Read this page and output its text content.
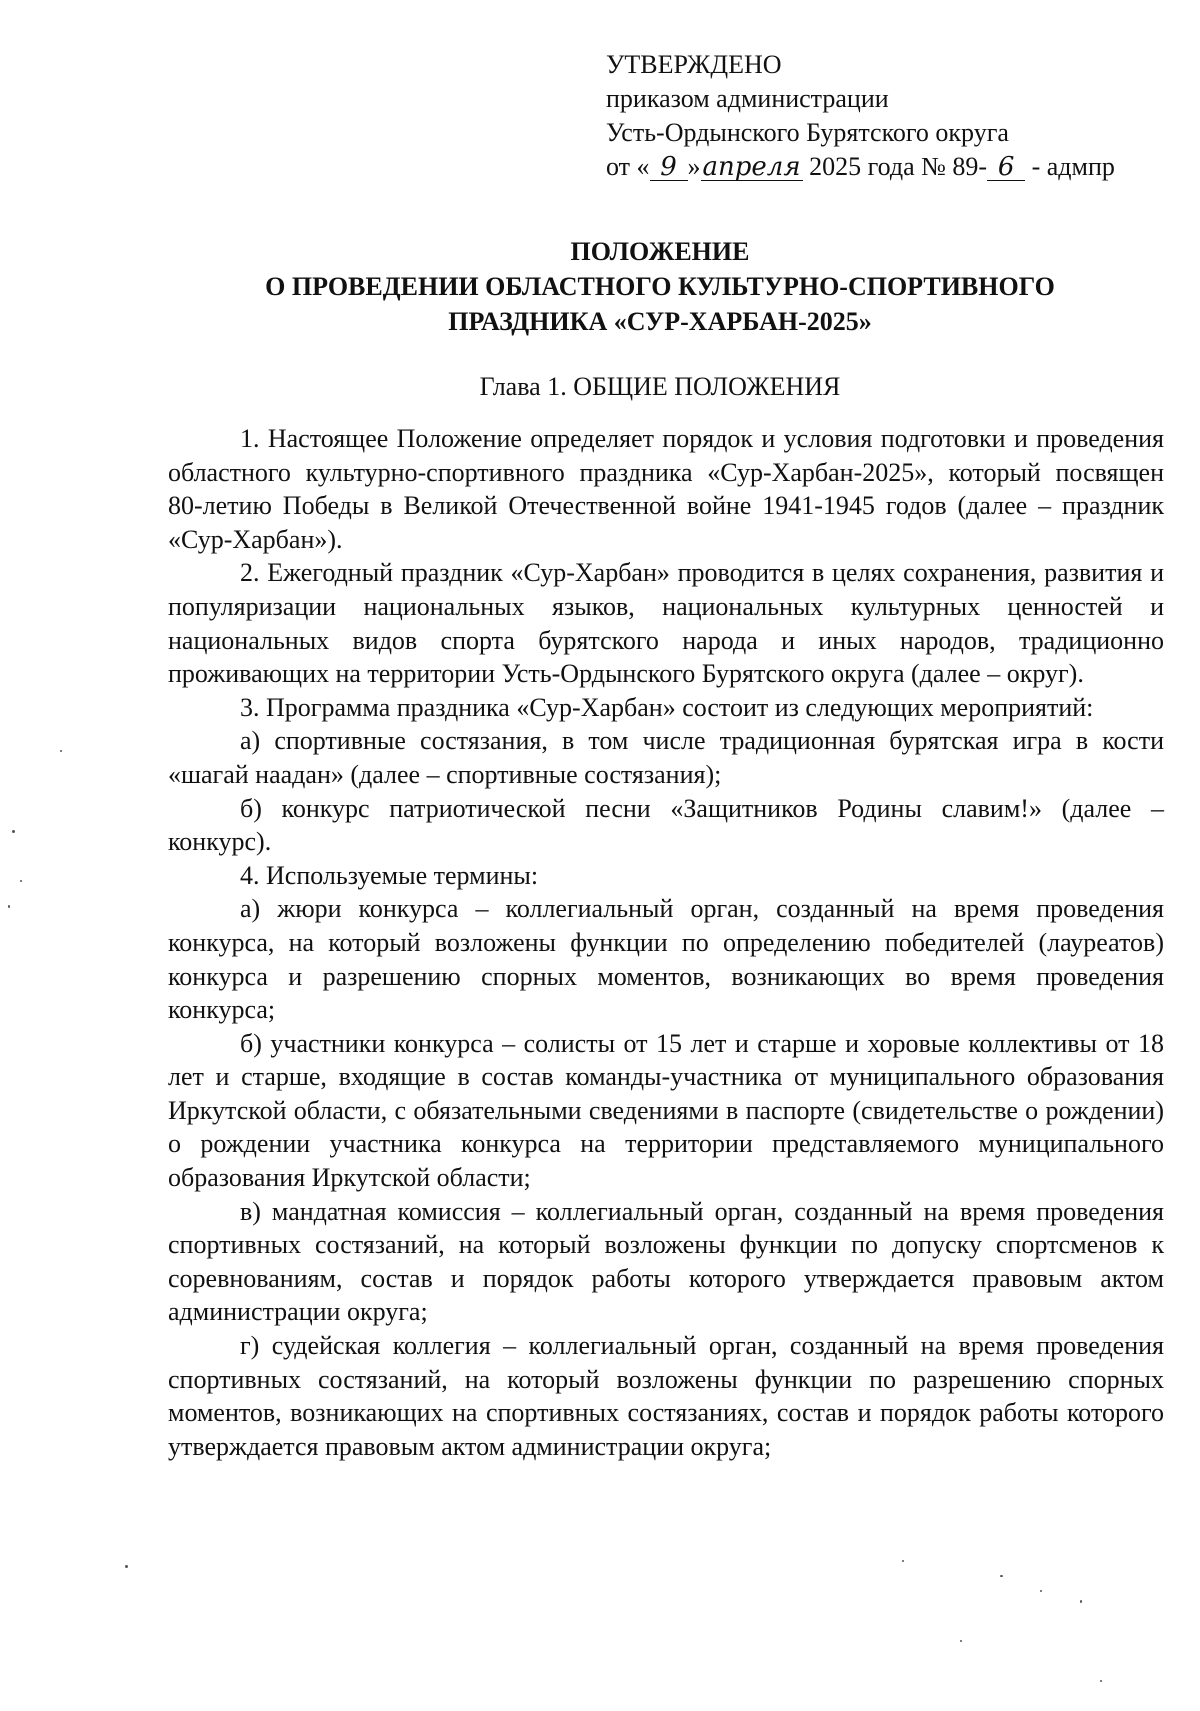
УТВЕРЖДЕНО
приказом администрации
Усть-Ордынского Бурятского округа
от « 9 »апреля 2025 года № 89- 6 - адмпр
ПОЛОЖЕНИЕ
О ПРОВЕДЕНИИ ОБЛАСТНОГО КУЛЬТУРНО-СПОРТИВНОГО
ПРАЗДНИКА «СУР-ХАРБАН-2025»
Глава 1. ОБЩИЕ ПОЛОЖЕНИЯ

1. Настоящее Положение определяет порядок и условия подготовки и проведения областного культурно-спортивного праздника «Сур-Харбан-2025», который посвящен 80-летию Победы в Великой Отечественной войне 1941-1945 годов (далее – праздник «Сур-Харбан»).

2. Ежегодный праздник «Сур-Харбан» проводится в целях сохранения, развития и популяризации национальных языков, национальных культурных ценностей и национальных видов спорта бурятского народа и иных народов, традиционно проживающих на территории Усть-Ордынского Бурятского округа (далее – округ).

3. Программа праздника «Сур-Харбан» состоит из следующих мероприятий:

а) спортивные состязания, в том числе традиционная бурятская игра в кости «шагай наадан» (далее – спортивные состязания);

б) конкурс патриотической песни «Защитников Родины славим!» (далее – конкурс).

4. Используемые термины:

а) жюри конкурса – коллегиальный орган, созданный на время проведения конкурса, на который возложены функции по определению победителей (лауреатов) конкурса и разрешению спорных моментов, возникающих во время проведения конкурса;

б) участники конкурса – солисты от 15 лет и старше и хоровые коллективы от 18 лет и старше, входящие в состав команды-участника от муниципального образования Иркутской области, с обязательными сведениями в паспорте (свидетельстве о рождении) о рождении участника конкурса на территории представляемого муниципального образования Иркутской области;

в) мандатная комиссия – коллегиальный орган, созданный на время проведения спортивных состязаний, на который возложены функции по допуску спортсменов к соревнованиям, состав и порядок работы которого утверждается правовым актом администрации округа;

г) судейская коллегия – коллегиальный орган, созданный на время проведения спортивных состязаний, на который возложены функции по разрешению спорных моментов, возникающих на спортивных состязаниях, состав и порядок работы которого утверждается правовым актом администрации округа;
